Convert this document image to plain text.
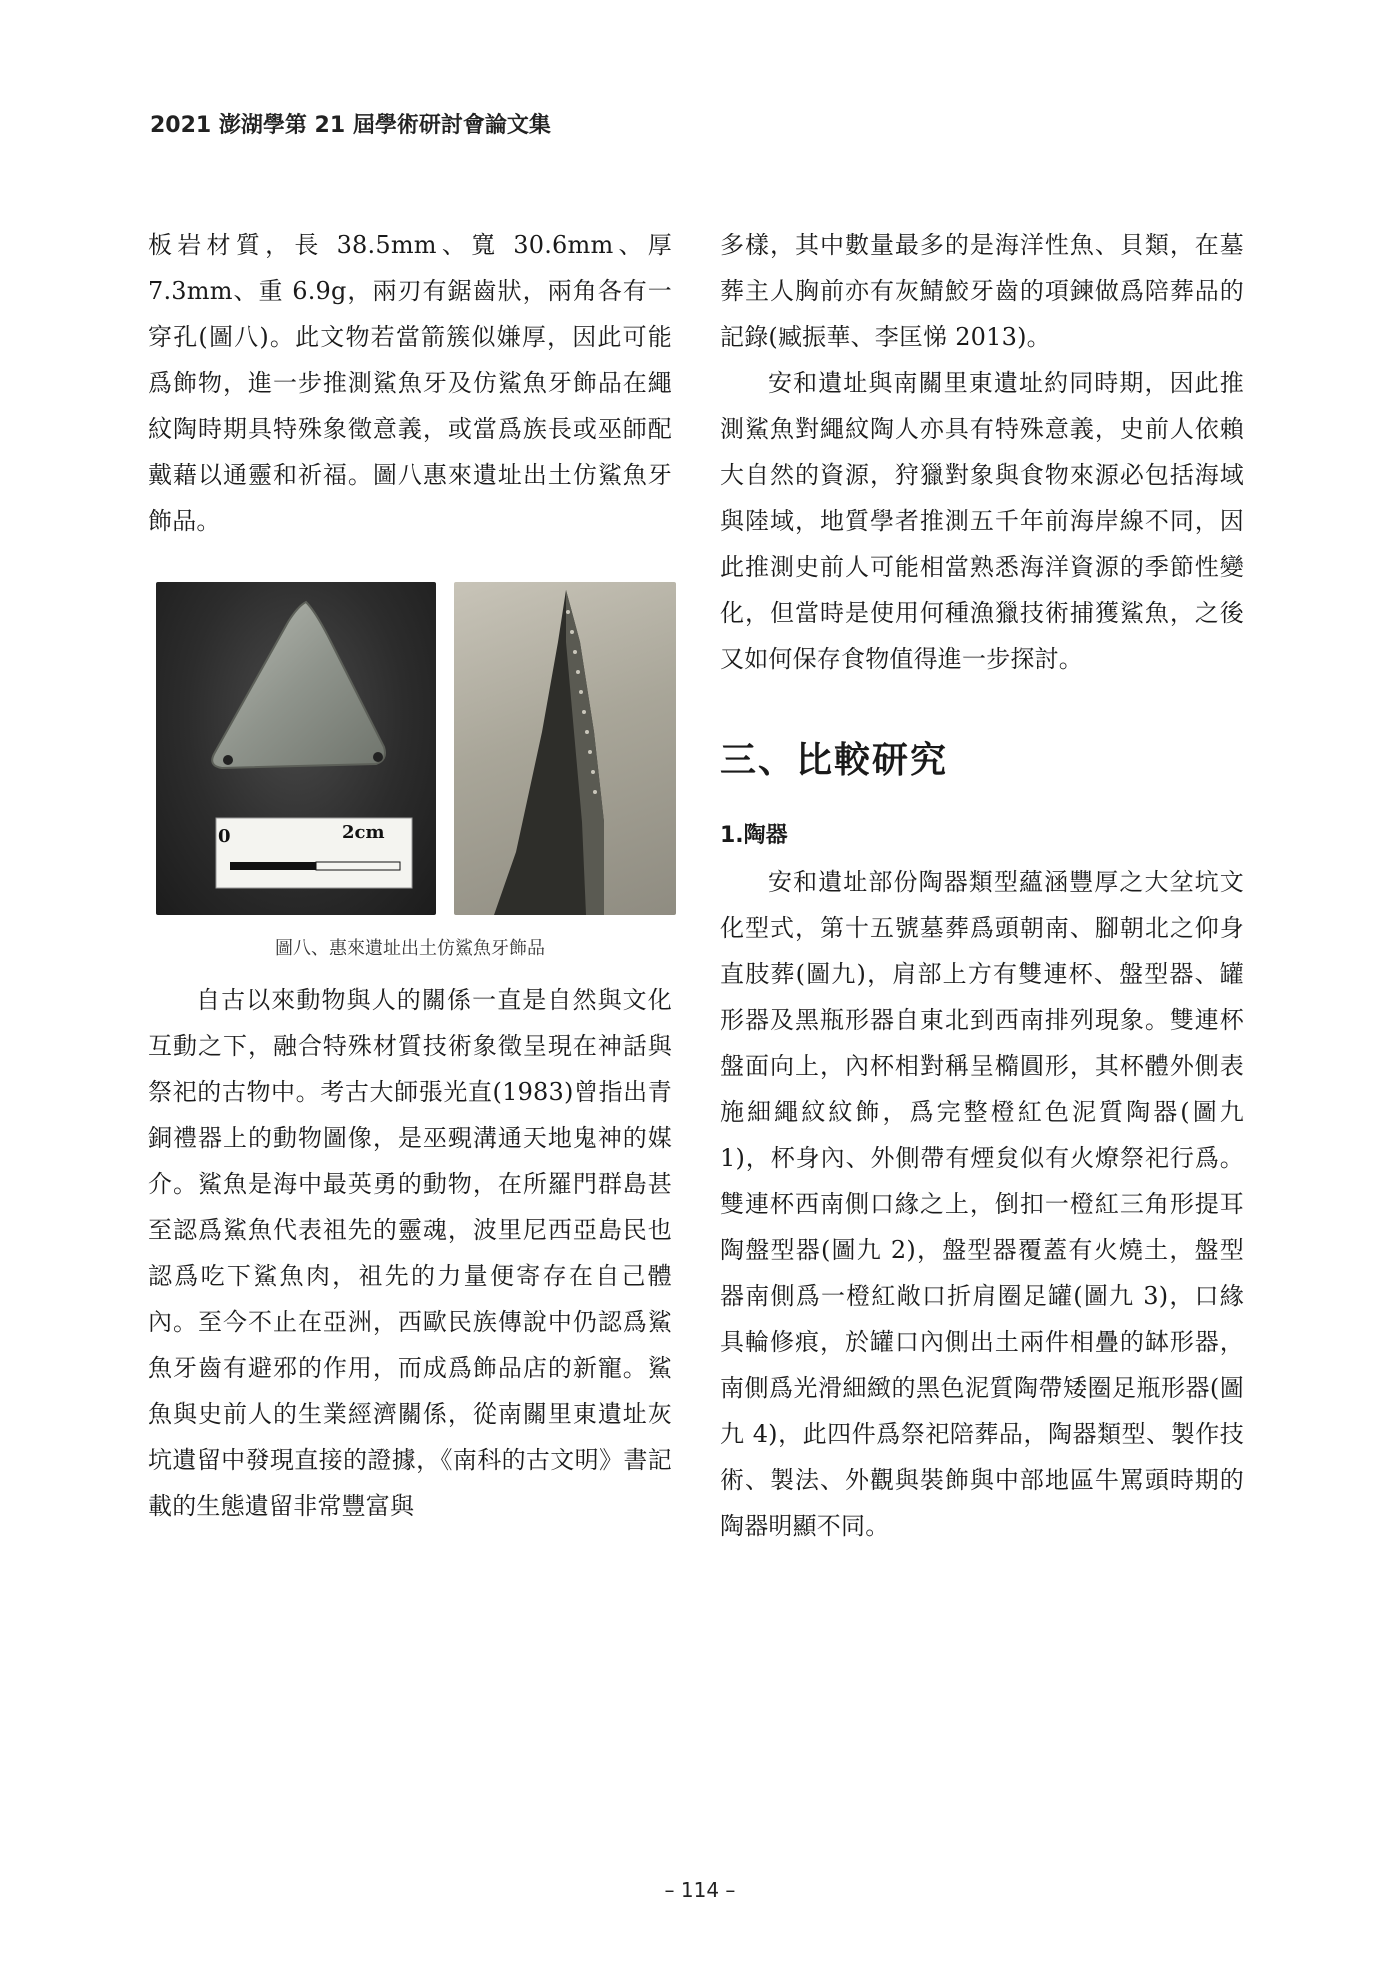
2021 澎湖學第 21 屆學術研討會論文集

板岩材質，長 38.5mm、寬 30.6mm、厚 7.3mm、重 6.9g，兩刃有鋸齒狀，兩角各有一穿孔(圖八)。此文物若當箭簇似嫌厚，因此可能爲飾物，進一步推測鯊魚牙及仿鯊魚牙飾品在繩紋陶時期具特殊象徵意義，或當爲族長或巫師配戴藉以通靈和祈福。圖八惠來遺址出土仿鯊魚牙飾品。

0	2cm
圖八、惠來遺址出土仿鯊魚牙飾品

自古以來動物與人的關係一直是自然與文化互動之下，融合特殊材質技術象徵呈現在神話與祭祀的古物中。考古大師張光直(1983)曾指出青銅禮器上的動物圖像，是巫覡溝通天地鬼神的媒介。鯊魚是海中最英勇的動物，在所羅門群島甚至認爲鯊魚代表祖先的靈魂，波里尼西亞島民也認爲吃下鯊魚肉，祖先的力量便寄存在自己體內。至今不止在亞洲，西歐民族傳說中仍認爲鯊魚牙齒有避邪的作用，而成爲飾品店的新寵。鯊魚與史前人的生業經濟關係，從南關里東遺址灰坑遺留中發現直接的證據，《南科的古文明》書記載的生態遺留非常豐富與

多樣，其中數量最多的是海洋性魚、貝類，在墓葬主人胸前亦有灰鯖鮫牙齒的項鍊做爲陪葬品的記錄(臧振華、李匡悌 2013)。

安和遺址與南關里東遺址約同時期，因此推測鯊魚對繩紋陶人亦具有特殊意義，史前人依賴大自然的資源，狩獵對象與食物來源必包括海域與陸域，地質學者推測五千年前海岸線不同，因此推測史前人可能相當熟悉海洋資源的季節性變化，但當時是使用何種漁獵技術捕獲鯊魚，之後又如何保存食物值得進一步探討。

三、比較研究
1.陶器

安和遺址部份陶器類型蘊涵豐厚之大坌坑文化型式，第十五號墓葬爲頭朝南、腳朝北之仰身直肢葬(圖九)，肩部上方有雙連杯、盤型器、罐形器及黑瓶形器自東北到西南排列現象。雙連杯盤面向上，內杯相對稱呈橢圓形，其杯體外側表施細繩紋紋飾，爲完整橙紅色泥質陶器(圖九 1)，杯身內、外側帶有煙炱似有火燎祭祀行爲。雙連杯西南側口緣之上，倒扣一橙紅三角形提耳陶盤型器(圖九 2)，盤型器覆蓋有火燒土，盤型器南側爲一橙紅敞口折肩圈足罐(圖九 3)，口緣具輪修痕，於罐口內側出土兩件相疊的缽形器，南側爲光滑細緻的黑色泥質陶帶矮圈足瓶形器(圖九 4)，此四件爲祭祀陪葬品，陶器類型、製作技術、製法、外觀與裝飾與中部地區牛罵頭時期的陶器明顯不同。

– 114 –
